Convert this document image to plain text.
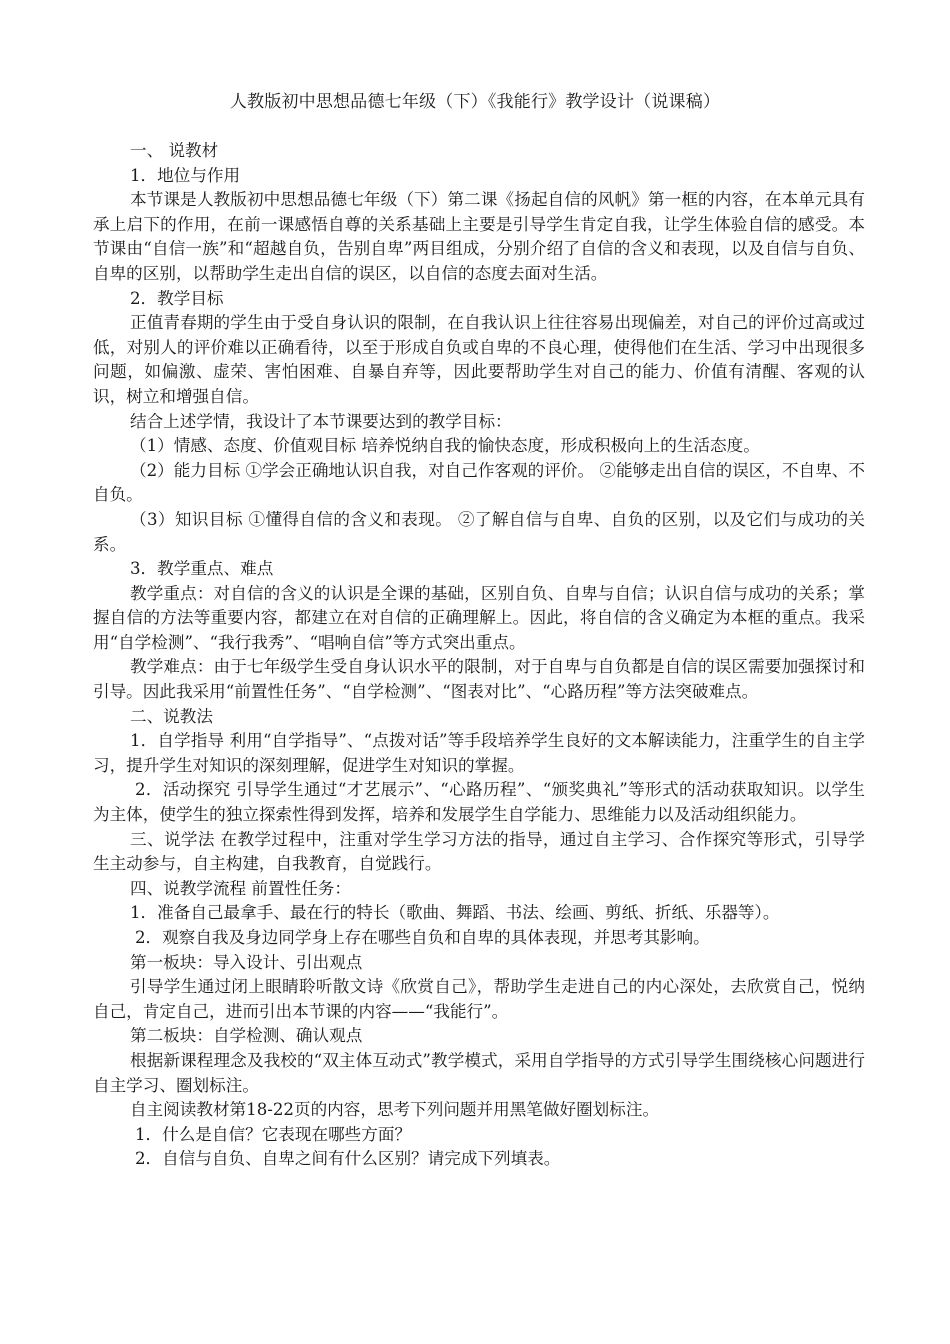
人教版初中思想品德七年级（下）《我能行》教学设计（说课稿）

一、 说教材

1．地位与作用

本节课是人教版初中思想品德七年级（下）第二课《扬起自信的风帆》第一框的内容，在本单元具有承上启下的作用，在前一课感悟自尊的关系基础上主要是引导学生肯定自我，让学生体验自信的感受。本节课由“自信一族”和“超越自负，告别自卑”两目组成，分别介绍了自信的含义和表现，以及自信与自负、自卑的区别，以帮助学生走出自信的误区，以自信的态度去面对生活。

2．教学目标

正值青春期的学生由于受自身认识的限制，在自我认识上往往容易出现偏差，对自己的评价过高或过低，对别人的评价难以正确看待，以至于形成自负或自卑的不良心理，使得他们在生活、学习中出现很多问题，如偏激、虚荣、害怕困难、自暴自弃等，因此要帮助学生对自己的能力、价值有清醒、客观的认识，树立和增强自信。

结合上述学情，我设计了本节课要达到的教学目标：

（1）情感、态度、价值观目标 培养悦纳自我的愉快态度，形成积极向上的生活态度。

（2）能力目标 ①学会正确地认识自我，对自己作客观的评价。 ②能够走出自信的误区，不自卑、不自负。

（3）知识目标 ①懂得自信的含义和表现。 ②了解自信与自卑、自负的区别，以及它们与成功的关系。

3．教学重点、难点

教学重点：对自信的含义的认识是全课的基础，区别自负、自卑与自信；认识自信与成功的关系；掌握自信的方法等重要内容，都建立在对自信的正确理解上。因此，将自信的含义确定为本框的重点。我采用“自学检测”、“我行我秀”、“唱响自信”等方式突出重点。

教学难点：由于七年级学生受自身认识水平的限制，对于自卑与自负都是自信的误区需要加强探讨和引导。因此我采用“前置性任务”、“自学检测”、“图表对比”、“心路历程”等方法突破难点。

二、说教法

1．自学指导 利用“自学指导”、“点拨对话”等手段培养学生良好的文本解读能力，注重学生的自主学习，提升学生对知识的深刻理解，促进学生对知识的掌握。

2．活动探究 引导学生通过“才艺展示”、“心路历程”、“颁奖典礼”等形式的活动获取知识。以学生为主体，使学生的独立探索性得到发挥，培养和发展学生自学能力、思维能力以及活动组织能力。

三、说学法 在教学过程中，注重对学生学习方法的指导，通过自主学习、合作探究等形式，引导学生主动参与，自主构建，自我教育，自觉践行。

四、说教学流程 前置性任务：

1．准备自己最拿手、最在行的特长（歌曲、舞蹈、书法、绘画、剪纸、折纸、乐器等）。

2．观察自我及身边同学身上存在哪些自负和自卑的具体表现，并思考其影响。

第一板块：导入设计、引出观点

引导学生通过闭上眼睛聆听散文诗《欣赏自己》，帮助学生走进自己的内心深处，去欣赏自己，悦纳自己，肯定自己，进而引出本节课的内容——“我能行”。

第二板块：自学检测、确认观点

根据新课程理念及我校的“双主体互动式”教学模式，采用自学指导的方式引导学生围绕核心问题进行自主学习、圈划标注。

自主阅读教材第18-22页的内容，思考下列问题并用黑笔做好圈划标注。

1．什么是自信？它表现在哪些方面？

2．自信与自负、自卑之间有什么区别？请完成下列填表。
